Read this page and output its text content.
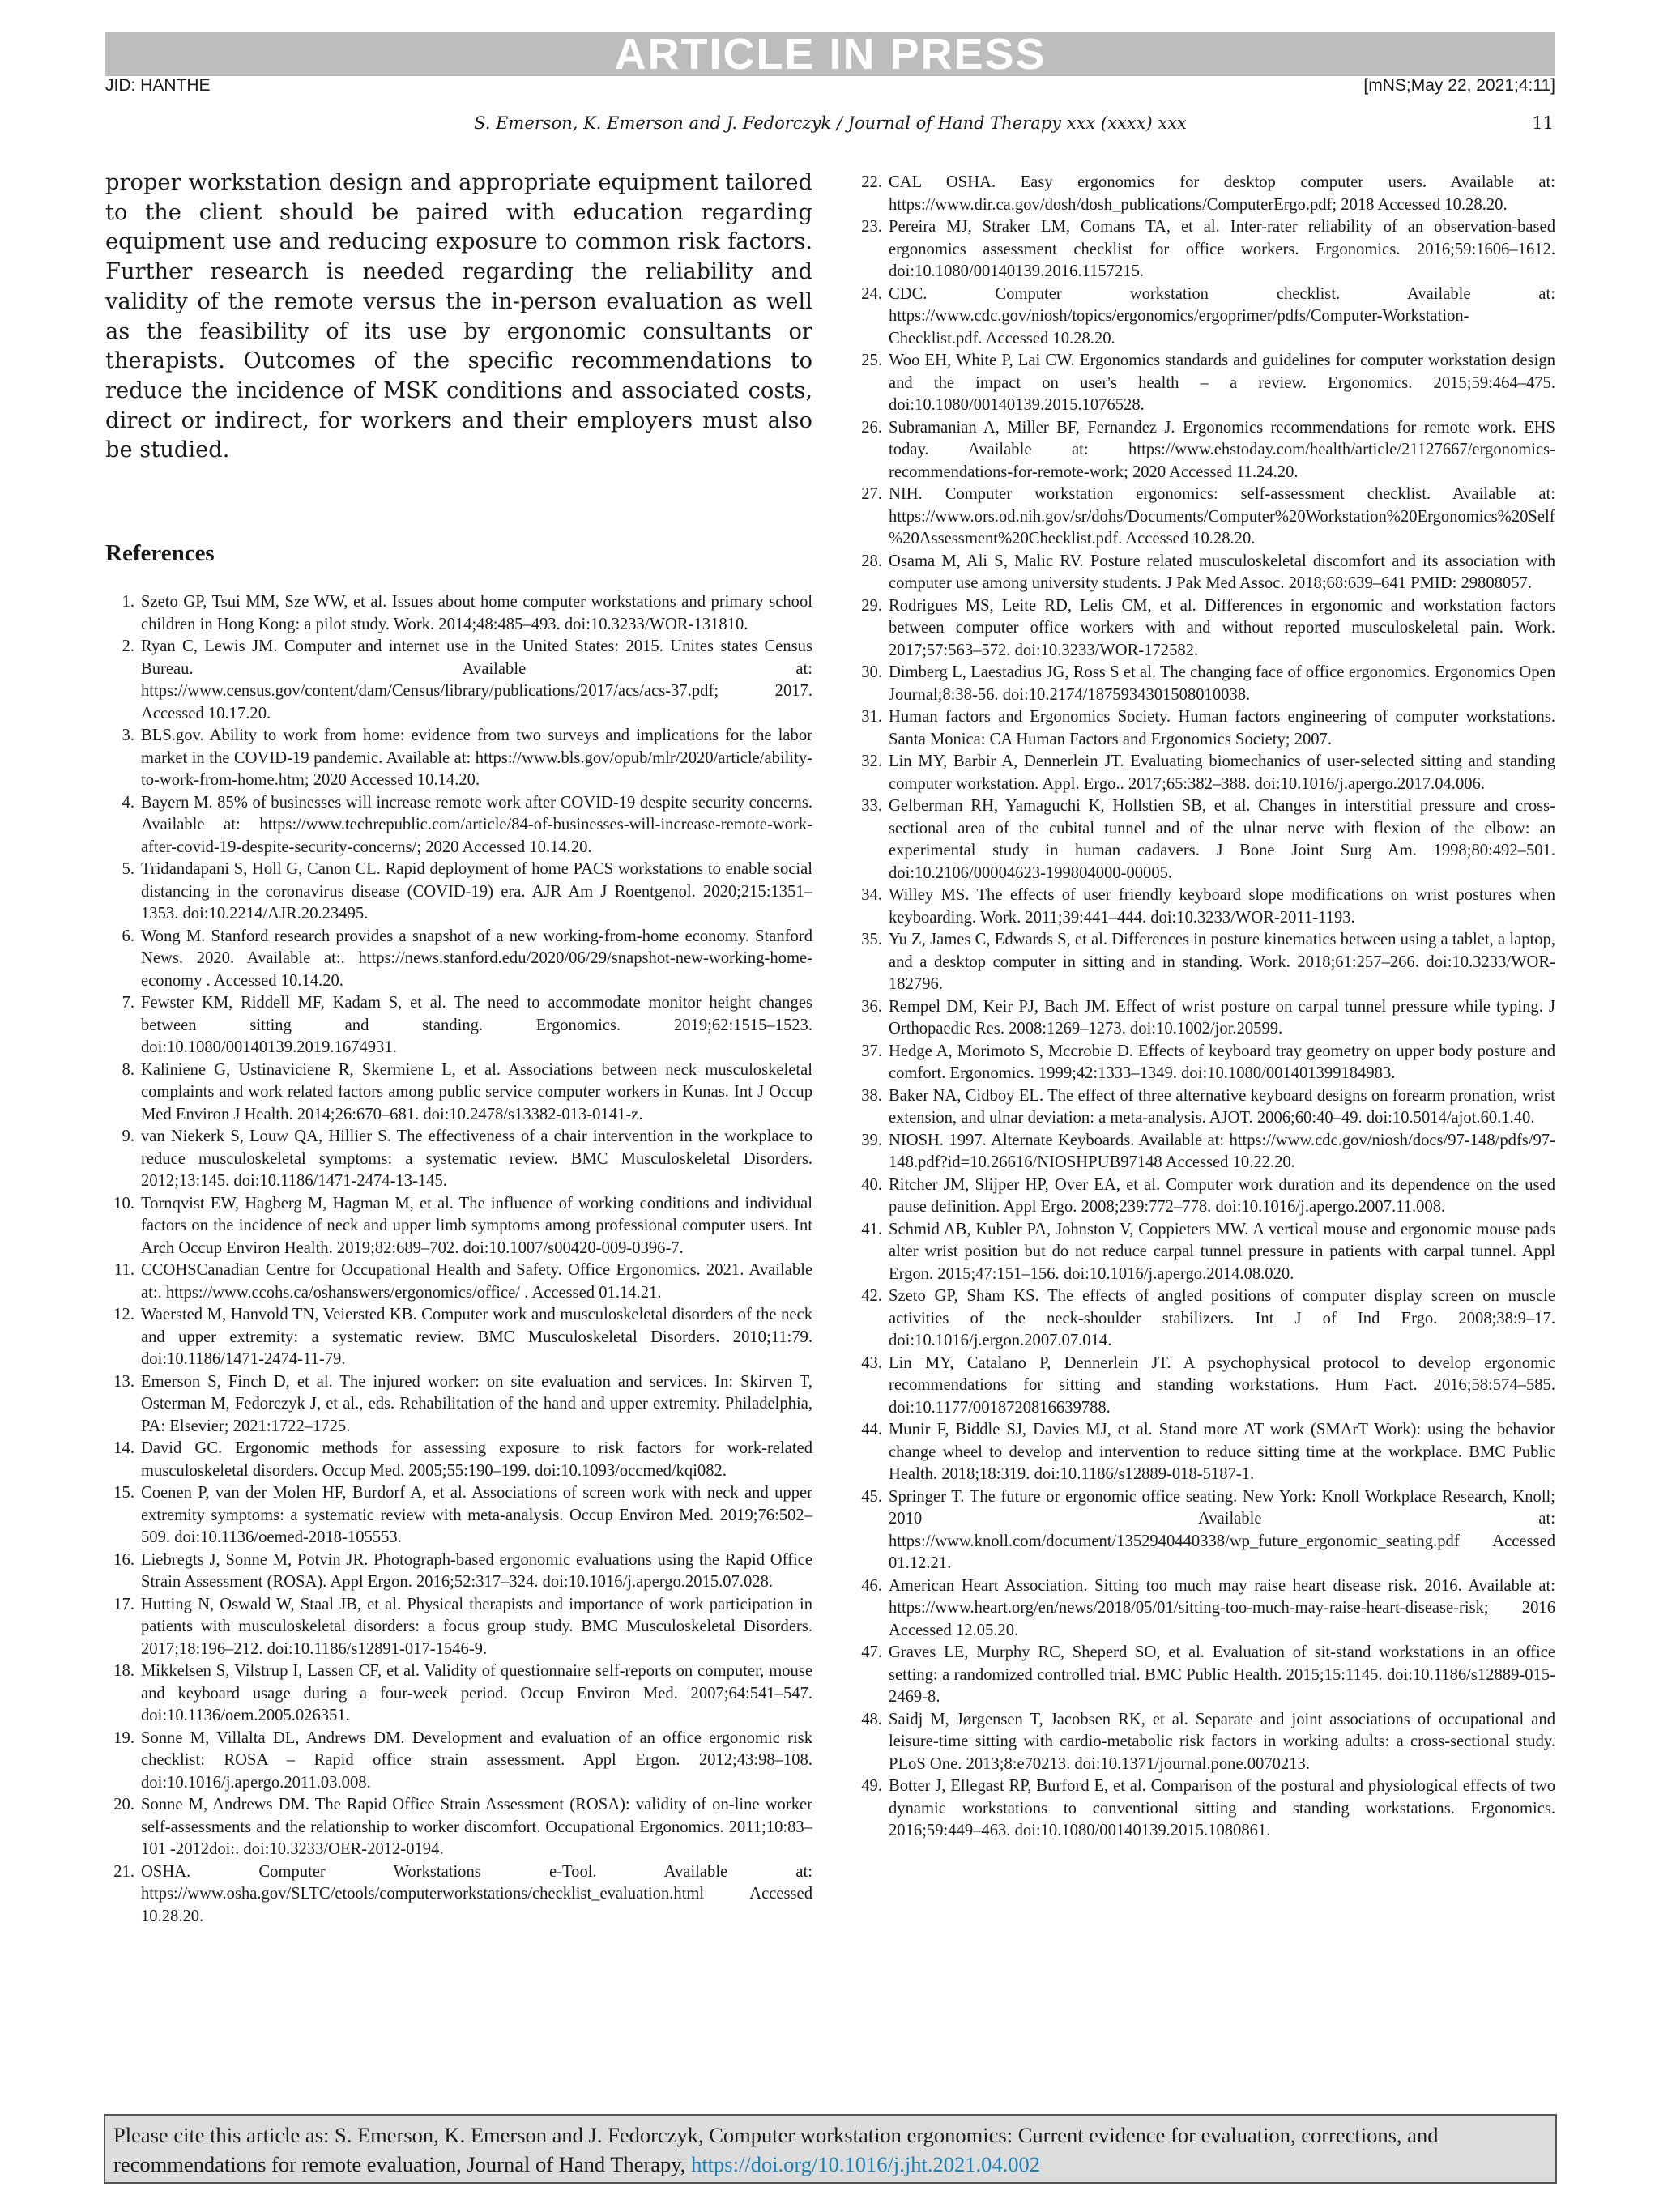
ARTICLE IN PRESS
JID: HANTHE	[mNS;May 22, 2021;4:11]
S. Emerson, K. Emerson and J. Fedorczyk / Journal of Hand Therapy xxx (xxxx) xxx	11

proper workstation design and appropriate equipment tailored to the client should be paired with education regarding equipment use and reducing exposure to common risk factors. Further research is needed regarding the reliability and validity of the remote versus the in-person evaluation as well as the feasibility of its use by ergonomic consultants or therapists. Outcomes of the specific recommendations to reduce the incidence of MSK conditions and associated costs, direct or indirect, for workers and their employers must also be studied.

References
1. Szeto GP, Tsui MM, Sze WW, et al. Issues about home computer workstations and primary school children in Hong Kong: a pilot study. Work. 2014;48:485–493. doi:10.3233/WOR-131810.
2. Ryan C, Lewis JM. Computer and internet use in the United States: 2015. Unites states Census Bureau. Available at: https://www.census.gov/content/dam/Census/library/publications/2017/acs/acs-37.pdf; 2017. Accessed 10.17.20.
3. BLS.gov. Ability to work from home: evidence from two surveys and implications for the labor market in the COVID-19 pandemic. Available at: https://www.bls.gov/opub/mlr/2020/article/ability-to-work-from-home.htm; 2020 Accessed 10.14.20.
4. Bayern M. 85% of businesses will increase remote work after COVID-19 despite security concerns. Available at: https://www.techrepublic.com/article/84-of-businesses-will-increase-remote-work-after-covid-19-despite-security-concerns/; 2020 Accessed 10.14.20.
5. Tridandapani S, Holl G, Canon CL. Rapid deployment of home PACS workstations to enable social distancing in the coronavirus disease (COVID-19) era. AJR Am J Roentgenol. 2020;215:1351–1353. doi:10.2214/AJR.20.23495.
6. Wong M. Stanford research provides a snapshot of a new working-from-home economy. Stanford News. 2020. Available at:. https://news.stanford.edu/2020/06/29/snapshot-new-working-home-economy . Accessed 10.14.20.
7. Fewster KM, Riddell MF, Kadam S, et al. The need to accommodate monitor height changes between sitting and standing. Ergonomics. 2019;62:1515–1523. doi:10.1080/00140139.2019.1674931.
8. Kaliniene G, Ustinaviciene R, Skermiene L, et al. Associations between neck musculoskeletal complaints and work related factors among public service computer workers in Kunas. Int J Occup Med Environ J Health. 2014;26:670–681. doi:10.2478/s13382-013-0141-z.
9. van Niekerk S, Louw QA, Hillier S. The effectiveness of a chair intervention in the workplace to reduce musculoskeletal symptoms: a systematic review. BMC Musculoskeletal Disorders. 2012;13:145. doi:10.1186/1471-2474-13-145.
10. Tornqvist EW, Hagberg M, Hagman M, et al. The influence of working conditions and individual factors on the incidence of neck and upper limb symptoms among professional computer users. Int Arch Occup Environ Health. 2019;82:689–702. doi:10.1007/s00420-009-0396-7.
11. CCOHSCanadian Centre for Occupational Health and Safety. Office Ergonomics. 2021. Available at:. https://www.ccohs.ca/oshanswers/ergonomics/office/ . Accessed 01.14.21.
12. Waersted M, Hanvold TN, Veiersted KB. Computer work and musculoskeletal disorders of the neck and upper extremity: a systematic review. BMC Musculoskeletal Disorders. 2010;11:79. doi:10.1186/1471-2474-11-79.
13. Emerson S, Finch D, et al. The injured worker: on site evaluation and services. In: Skirven T, Osterman M, Fedorczyk J, et al., eds. Rehabilitation of the hand and upper extremity. Philadelphia, PA: Elsevier; 2021:1722–1725.
14. David GC. Ergonomic methods for assessing exposure to risk factors for work-related musculoskeletal disorders. Occup Med. 2005;55:190–199. doi:10.1093/occmed/kqi082.
15. Coenen P, van der Molen HF, Burdorf A, et al. Associations of screen work with neck and upper extremity symptoms: a systematic review with meta-analysis. Occup Environ Med. 2019;76:502–509. doi:10.1136/oemed-2018-105553.
16. Liebregts J, Sonne M, Potvin JR. Photograph-based ergonomic evaluations using the Rapid Office Strain Assessment (ROSA). Appl Ergon. 2016;52:317–324. doi:10.1016/j.apergo.2015.07.028.
17. Hutting N, Oswald W, Staal JB, et al. Physical therapists and importance of work participation in patients with musculoskeletal disorders: a focus group study. BMC Musculoskeletal Disorders. 2017;18:196–212. doi:10.1186/s12891-017-1546-9.
18. Mikkelsen S, Vilstrup I, Lassen CF, et al. Validity of questionnaire self-reports on computer, mouse and keyboard usage during a four-week period. Occup Environ Med. 2007;64:541–547. doi:10.1136/oem.2005.026351.
19. Sonne M, Villalta DL, Andrews DM. Development and evaluation of an office ergonomic risk checklist: ROSA – Rapid office strain assessment. Appl Ergon. 2012;43:98–108. doi:10.1016/j.apergo.2011.03.008.
20. Sonne M, Andrews DM. The Rapid Office Strain Assessment (ROSA): validity of on-line worker self-assessments and the relationship to worker discomfort. Occupational Ergonomics. 2011;10:83–101 -2012doi:. doi:10.3233/OER-2012-0194.
21. OSHA. Computer Workstations e-Tool. Available at: https://www.osha.gov/SLTC/etools/computerworkstations/checklist_evaluation.html Accessed 10.28.20.
22. CAL OSHA. Easy ergonomics for desktop computer users. Available at: https://www.dir.ca.gov/dosh/dosh_publications/ComputerErgo.pdf; 2018 Accessed 10.28.20.
23. Pereira MJ, Straker LM, Comans TA, et al. Inter-rater reliability of an observation-based ergonomics assessment checklist for office workers. Ergonomics. 2016;59:1606–1612. doi:10.1080/00140139.2016.1157215.
24. CDC. Computer workstation checklist. Available at: https://www.cdc.gov/niosh/topics/ergonomics/ergoprimer/pdfs/Computer-Workstation-Checklist.pdf. Accessed 10.28.20.
25. Woo EH, White P, Lai CW. Ergonomics standards and guidelines for computer workstation design and the impact on user's health – a review. Ergonomics. 2015;59:464–475. doi:10.1080/00140139.2015.1076528.
26. Subramanian A, Miller BF, Fernandez J. Ergonomics recommendations for remote work. EHS today. Available at: https://www.ehstoday.com/health/article/21127667/ergonomics-recommendations-for-remote-work; 2020 Accessed 11.24.20.
27. NIH. Computer workstation ergonomics: self-assessment checklist. Available at: https://www.ors.od.nih.gov/sr/dohs/Documents/Computer%20Workstation%20Ergonomics%20Self%20Assessment%20Checklist.pdf. Accessed 10.28.20.
28. Osama M, Ali S, Malic RV. Posture related musculoskeletal discomfort and its association with computer use among university students. J Pak Med Assoc. 2018;68:639–641 PMID: 29808057.
29. Rodrigues MS, Leite RD, Lelis CM, et al. Differences in ergonomic and workstation factors between computer office workers with and without reported musculoskeletal pain. Work. 2017;57:563–572. doi:10.3233/WOR-172582.
30. Dimberg L, Laestadius JG, Ross S et al. The changing face of office ergonomics. Ergonomics Open Journal;8:38-56. doi:10.2174/1875934301508010038.
31. Human factors and Ergonomics Society. Human factors engineering of computer workstations. Santa Monica: CA Human Factors and Ergonomics Society; 2007.
32. Lin MY, Barbir A, Dennerlein JT. Evaluating biomechanics of user-selected sitting and standing computer workstation. Appl. Ergo.. 2017;65:382–388. doi:10.1016/j.apergo.2017.04.006.
33. Gelberman RH, Yamaguchi K, Hollstien SB, et al. Changes in interstitial pressure and cross-sectional area of the cubital tunnel and of the ulnar nerve with flexion of the elbow: an experimental study in human cadavers. J Bone Joint Surg Am. 1998;80:492–501. doi:10.2106/00004623-199804000-00005.
34. Willey MS. The effects of user friendly keyboard slope modifications on wrist postures when keyboarding. Work. 2011;39:441–444. doi:10.3233/WOR-2011-1193.
35. Yu Z, James C, Edwards S, et al. Differences in posture kinematics between using a tablet, a laptop, and a desktop computer in sitting and in standing. Work. 2018;61:257–266. doi:10.3233/WOR-182796.
36. Rempel DM, Keir PJ, Bach JM. Effect of wrist posture on carpal tunnel pressure while typing. J Orthopaedic Res. 2008:1269–1273. doi:10.1002/jor.20599.
37. Hedge A, Morimoto S, Mccrobie D. Effects of keyboard tray geometry on upper body posture and comfort. Ergonomics. 1999;42:1333–1349. doi:10.1080/001401399184983.
38. Baker NA, Cidboy EL. The effect of three alternative keyboard designs on forearm pronation, wrist extension, and ulnar deviation: a meta-analysis. AJOT. 2006;60:40–49. doi:10.5014/ajot.60.1.40.
39. NIOSH. 1997. Alternate Keyboards. Available at: https://www.cdc.gov/niosh/docs/97-148/pdfs/97-148.pdf?id=10.26616/NIOSHPUB97148 Accessed 10.22.20.
40. Ritcher JM, Slijper HP, Over EA, et al. Computer work duration and its dependence on the used pause definition. Appl Ergo. 2008;239:772–778. doi:10.1016/j.apergo.2007.11.008.
41. Schmid AB, Kubler PA, Johnston V, Coppieters MW. A vertical mouse and ergonomic mouse pads alter wrist position but do not reduce carpal tunnel pressure in patients with carpal tunnel. Appl Ergon. 2015;47:151–156. doi:10.1016/j.apergo.2014.08.020.
42. Szeto GP, Sham KS. The effects of angled positions of computer display screen on muscle activities of the neck-shoulder stabilizers. Int J of Ind Ergo. 2008;38:9–17. doi:10.1016/j.ergon.2007.07.014.
43. Lin MY, Catalano P, Dennerlein JT. A psychophysical protocol to develop ergonomic recommendations for sitting and standing workstations. Hum Fact. 2016;58:574–585. doi:10.1177/0018720816639788.
44. Munir F, Biddle SJ, Davies MJ, et al. Stand more AT work (SMArT Work): using the behavior change wheel to develop and intervention to reduce sitting time at the workplace. BMC Public Health. 2018;18:319. doi:10.1186/s12889-018-5187-1.
45. Springer T. The future or ergonomic office seating. New York: Knoll Workplace Research, Knoll; 2010 Available at: https://www.knoll.com/document/1352940440338/wp_future_ergonomic_seating.pdf Accessed 01.12.21.
46. American Heart Association. Sitting too much may raise heart disease risk. 2016. Available at: https://www.heart.org/en/news/2018/05/01/sitting-too-much-may-raise-heart-disease-risk; 2016 Accessed 12.05.20.
47. Graves LE, Murphy RC, Sheperd SO, et al. Evaluation of sit-stand workstations in an office setting: a randomized controlled trial. BMC Public Health. 2015;15:1145. doi:10.1186/s12889-015-2469-8.
48. Saidj M, Jørgensen T, Jacobsen RK, et al. Separate and joint associations of occupational and leisure-time sitting with cardio-metabolic risk factors in working adults: a cross-sectional study. PLoS One. 2013;8:e70213. doi:10.1371/journal.pone.0070213.
49. Botter J, Ellegast RP, Burford E, et al. Comparison of the postural and physiological effects of two dynamic workstations to conventional sitting and standing workstations. Ergonomics. 2016;59:449–463. doi:10.1080/00140139.2015.1080861.
Please cite this article as: S. Emerson, K. Emerson and J. Fedorczyk, Computer workstation ergonomics: Current evidence for evaluation, corrections, and recommendations for remote evaluation, Journal of Hand Therapy, https://doi.org/10.1016/j.jht.2021.04.002
